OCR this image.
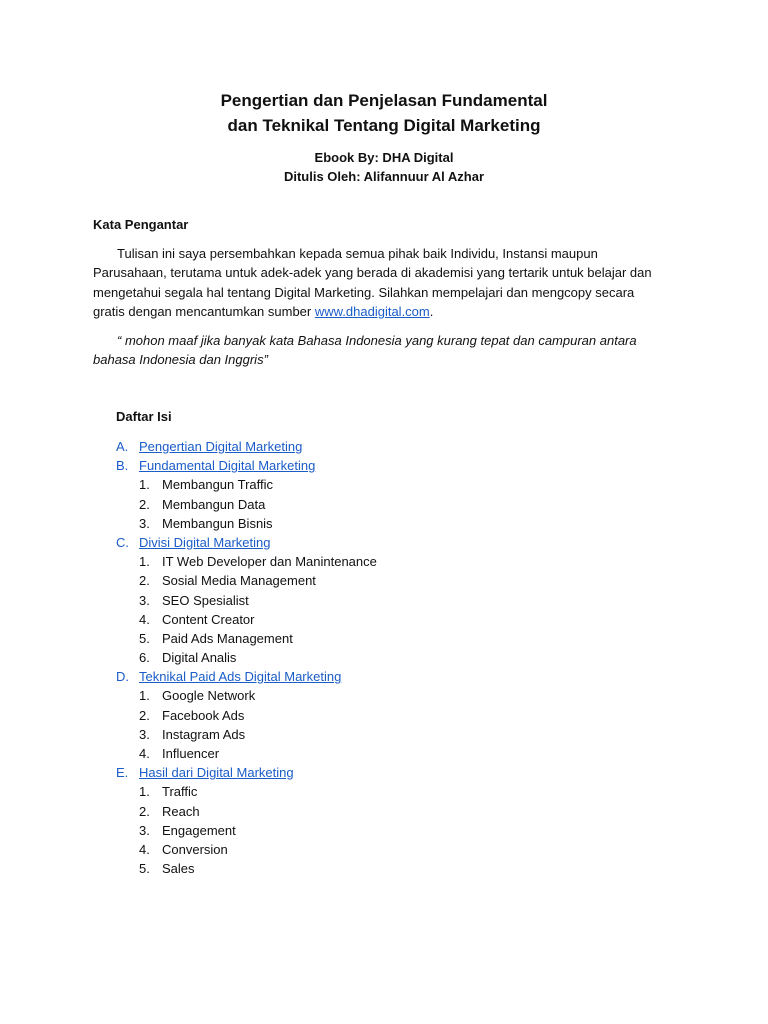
Pengertian dan Penjelasan Fundamental
dan Teknikal Tentang Digital Marketing
Ebook By: DHA Digital
Ditulis Oleh: Alifannuur Al Azhar
Kata Pengantar

Tulisan ini saya persembahkan kepada semua pihak baik Individu, Instansi maupun Parusahaan, terutama untuk adek-adek yang berada di akademisi yang tertarik untuk belajar dan mengetahui segala hal tentang Digital Marketing. Silahkan mempelajari dan mengcopy secara gratis dengan mencantumkan sumber www.dhadigital.com.

“ mohon maaf jika banyak kata Bahasa Indonesia yang kurang tepat dan campuran antara bahasa Indonesia dan Inggris”

Daftar Isi
A. Pengertian Digital Marketing
B. Fundamental Digital Marketing
1. Membangun Traffic
2. Membangun Data
3. Membangun Bisnis
C. Divisi Digital Marketing
1. IT Web Developer dan Manintenance
2. Sosial Media Management
3. SEO Spesialist
4. Content Creator
5. Paid Ads Management
6. Digital Analis
D. Teknikal Paid Ads Digital Marketing
1. Google Network
2. Facebook Ads
3. Instagram Ads
4. Influencer
E. Hasil dari Digital Marketing
1. Traffic
2. Reach
3. Engagement
4. Conversion
5. Sales
